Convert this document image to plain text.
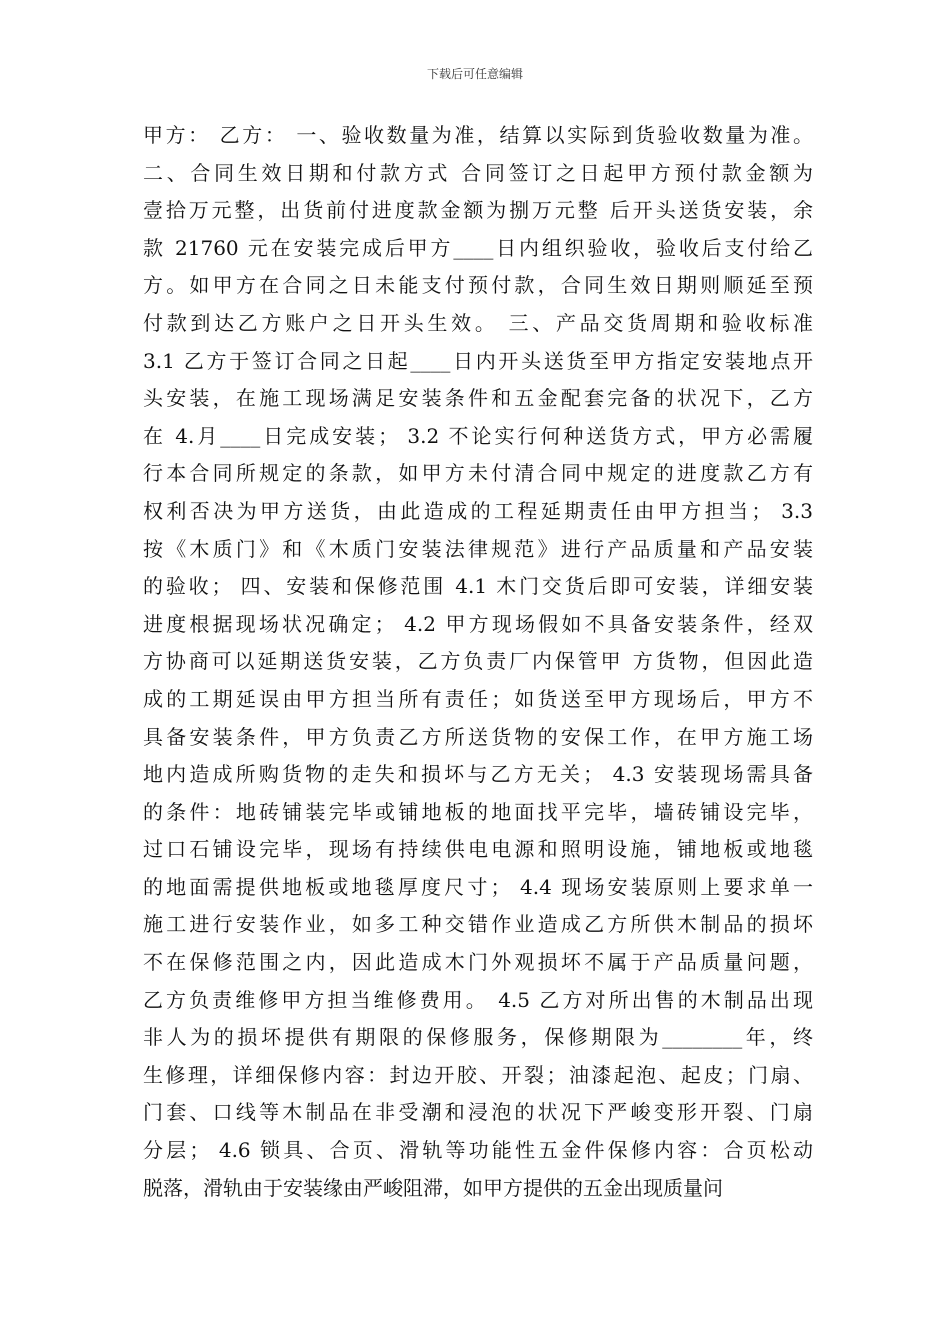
下载后可任意编辑
甲方： 乙方： 一、验收数量为准，结算以实际到货验收数量为准。
二、合同生效日期和付款方式 合同签订之日起甲方预付款金额为
壹拾万元整，出货前付进度款金额为捌万元整 后开头送货安装，余
款 21760 元在安装完成后甲方____日内组织验收，验收后支付给乙
方。如甲方在合同之日未能支付预付款，合同生效日期则顺延至预
付款到达乙方账户之日开头生效。 三、产品交货周期和验收标准
3.1 乙方于签订合同之日起____日内开头送货至甲方指定安装地点开
头安装，在施工现场满足安装条件和五金配套完备的状况下，乙方
在 4.月____日完成安装； 3.2 不论实行何种送货方式，甲方必需履
行本合同所规定的条款，如甲方未付清合同中规定的进度款乙方有
权利否决为甲方送货，由此造成的工程延期责任由甲方担当； 3.3
按《木质门》和《木质门安装法律规范》进行产品质量和产品安装
的验收； 四、安装和保修范围 4.1 木门交货后即可安装，详细安装
进度根据现场状况确定； 4.2 甲方现场假如不具备安装条件，经双
方协商可以延期送货安装，乙方负责厂内保管甲 方货物，但因此造
成的工期延误由甲方担当所有责任；如货送至甲方现场后，甲方不
具备安装条件，甲方负责乙方所送货物的安保工作，在甲方施工场
地内造成所购货物的走失和损坏与乙方无关； 4.3 安装现场需具备
的条件：地砖铺装完毕或铺地板的地面找平完毕，墙砖铺设完毕，
过口石铺设完毕，现场有持续供电电源和照明设施，铺地板或地毯
的地面需提供地板或地毯厚度尺寸； 4.4 现场安装原则上要求单一
施工进行安装作业，如多工种交错作业造成乙方所供木制品的损坏
不在保修范围之内，因此造成木门外观损坏不属于产品质量问题，
乙方负责维修甲方担当维修费用。 4.5 乙方对所出售的木制品出现
非人为的损坏提供有期限的保修服务，保修期限为________年，终
生修理，详细保修内容：封边开胶、开裂；油漆起泡、起皮；门扇、
门套、口线等木制品在非受潮和浸泡的状况下严峻变形开裂、门扇
分层； 4.6 锁具、合页、滑轨等功能性五金件保修内容：合页松动
脱落，滑轨由于安装缘由严峻阻滞，如甲方提供的五金出现质量问
